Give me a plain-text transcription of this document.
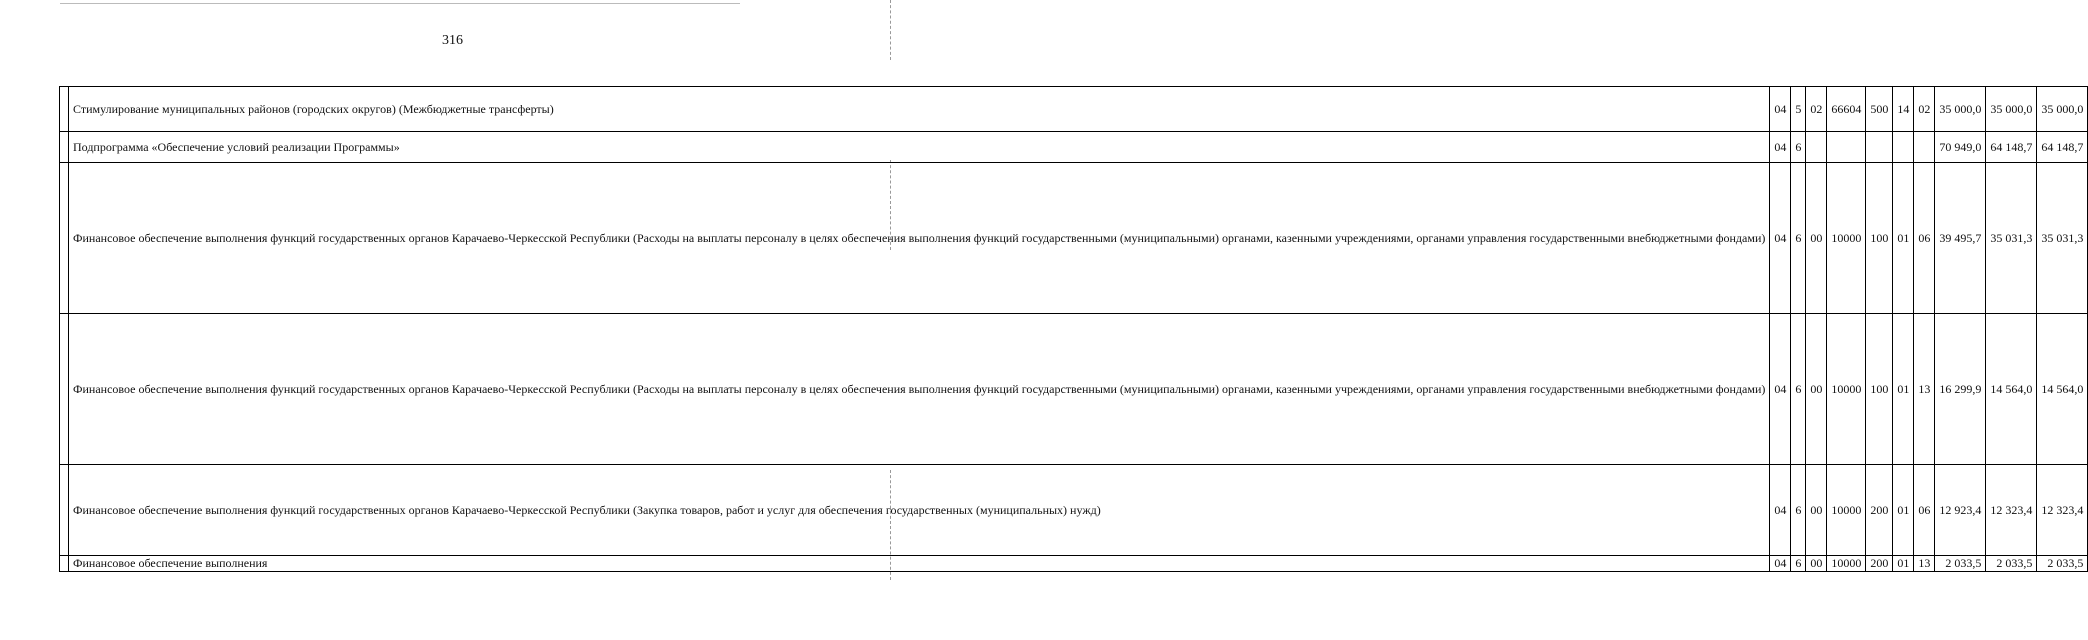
316
	Стимулирование муниципальных районов (городских округов) (Межбюджетные трансферты)	04	5	02	66604	500	14	02	35 000,0	35 000,0	35 000,0
	Подпрограмма «Обеспечение условий реализации Программы»	04	6						70 949,0	64 148,7	64 148,7
	Финансовое обеспечение выполнения функций государственных органов Карачаево-Черкесской Республики (Расходы на выплаты персоналу в целях обеспечения выполнения функций государственными (муниципальными) органами, казенными учреждениями, органами управления государственными внебюджетными фондами)	04	6	00	10000	100	01	06	39 495,7	35 031,3	35 031,3
	Финансовое обеспечение выполнения функций государственных органов Карачаево-Черкесской Республики (Расходы на выплаты персоналу в целях обеспечения выполнения функций государственными (муниципальными) органами, казенными учреждениями, органами управления государственными внебюджетными фондами)	04	6	00	10000	100	01	13	16 299,9	14 564,0	14 564,0
	Финансовое обеспечение выполнения функций государственных органов Карачаево-Черкесской Республики (Закупка товаров, работ и услуг для обеспечения государственных (муниципальных) нужд)	04	6	00	10000	200	01	06	12 923,4	12 323,4	12 323,4
	Финансовое обеспечение выполнения	04	6	00	10000	200	01	13	2 033,5	2 033,5	2 033,5
